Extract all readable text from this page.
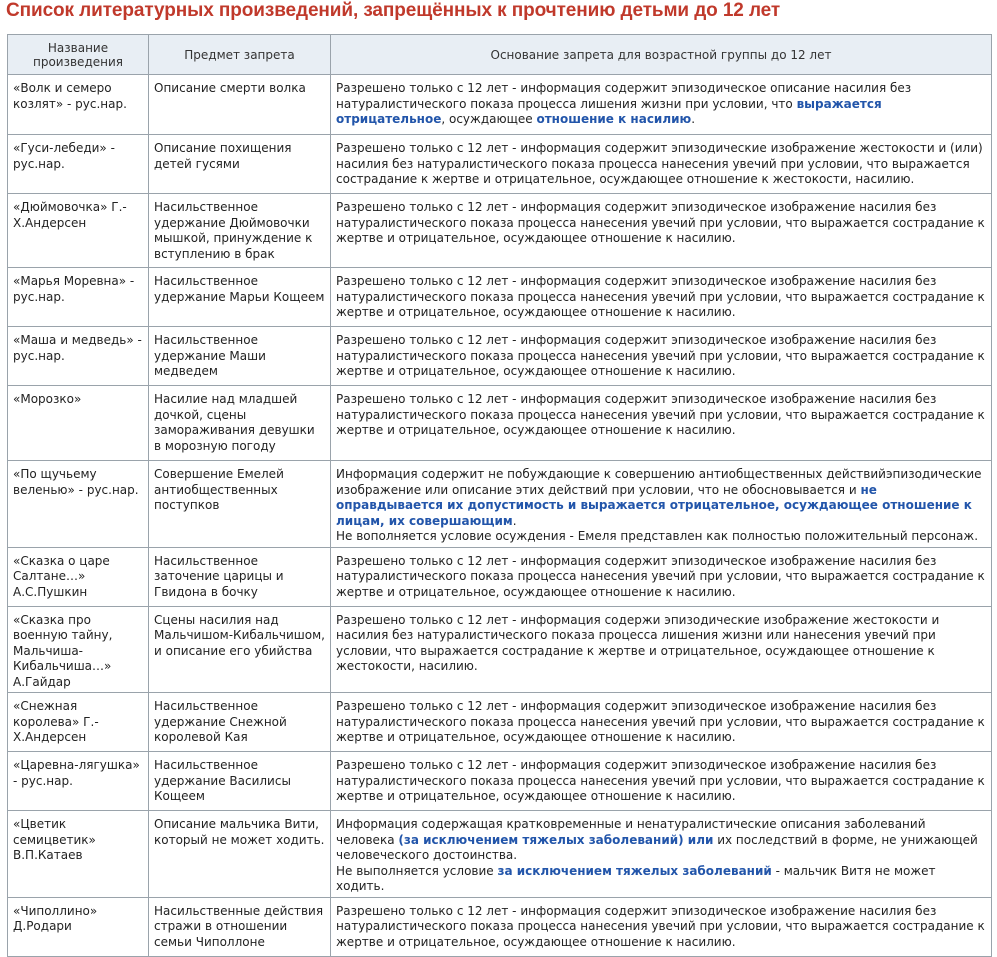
Список литературных произведений, запрещённых к прочтению детьми до 12 лет
Название произведения	Предмет запрета	Основание запрета для возрастной группы до 12 лет
«Волк и семеро козлят» - рус.нар.	Описание смерти волка	Разрешено только с 12 лет - информация содержит эпизодическое описание насилия без натуралистического показа процесса лишения жизни при условии, что выражается отрицательное, осуждающее отношение к насилию.
«Гуси-лебеди» - рус.нар.	Описание похищения детей гусями	Разрешено только с 12 лет - информация содержит эпизодические изображение жестокости и (или) насилия без натуралистического показа процесса нанесения увечий при условии, что выражается сострадание к жертве и отрицательное, осуждающее отношение к жестокости, насилию.
«Дюймовочка» Г.-Х.Андерсен	Насильственное удержание Дюймовочки мышкой, принуждение к вступлению в брак	Разрешено только с 12 лет - информация содержит эпизодическое изображение насилия без натуралистического показа процесса нанесения увечий при условии, что выражается сострадание к жертве и отрицательное, осуждающее отношение к насилию.
«Марья Моревна» - рус.нар.	Насильственное удержание Марьи Кощеем	Разрешено только с 12 лет - информация содержит эпизодическое изображение насилия без натуралистического показа процесса нанесения увечий при условии, что выражается сострадание к жертве и отрицательное, осуждающее отношение к насилию.
«Маша и медведь» - рус.нар.	Насильственное удержание Маши медведем	Разрешено только с 12 лет - информация содержит эпизодическое изображение насилия без натуралистического показа процесса нанесения увечий при условии, что выражается сострадание к жертве и отрицательное, осуждающее отношение к насилию.
«Морозко»	Насилие над младшей дочкой, сцены замораживания девушки в морозную погоду	Разрешено только с 12 лет - информация содержит эпизодическое изображение насилия без натуралистического показа процесса нанесения увечий при условии, что выражается сострадание к жертве и отрицательное, осуждающее отношение к насилию.
«По щучьему веленью» - рус.нар.	Совершение Емелей антиобщественных поступков	Информация содержит не побуждающие к совершению антиобщественных действийэпизодические изображение или описание этих действий при условии, что не обосновывается и не оправдывается их допустимость и выражается отрицательное, осуждающее отношение к лицам, их совершающим.
Не вополняется условие осуждения - Емеля представлен как полностью положительный персонаж.
«Сказка о царе Салтане…» А.С.Пушкин	Насильственное заточение царицы и Гвидона в бочку	Разрешено только с 12 лет - информация содержит эпизодическое изображение насилия без натуралистического показа процесса нанесения увечий при условии, что выражается сострадание к жертве и отрицательное, осуждающее отношение к насилию.
«Сказка про военную тайну, Мальчиша-Кибальчиша…» А.Гайдар	Сцены насилия над Мальчишом-Кибальчишом, и описание его убийства	Разрешено только с 12 лет - информация содержи эпизодические изображение жестокости и насилия без натуралистического показа процесса лишения жизни или нанесения увечий при условии, что выражается сострадание к жертве и отрицательное, осуждающее отношение к жестокости, насилию.
«Снежная королева» Г.-Х.Андерсен	Насильственное удержание Снежной королевой Кая	Разрешено только с 12 лет - информация содержит эпизодическое изображение насилия без натуралистического показа процесса нанесения увечий при условии, что выражается сострадание к жертве и отрицательное, осуждающее отношение к насилию.
«Царевна-лягушка» - рус.нар.	Насильственное удержание Василисы Кощеем	Разрешено только с 12 лет - информация содержит эпизодическое изображение насилия без натуралистического показа процесса нанесения увечий при условии, что выражается сострадание к жертве и отрицательное, осуждающее отношение к насилию.
«Цветик семицветик» В.П.Катаев	Описание мальчика Вити, который не может ходить.	Информация содержащая кратковременные и ненатуралистические описания заболеваний человека (за исключением тяжелых заболеваний) или их последствий в форме, не унижающей человеческого достоинства.
Не выполняется условие за исключением тяжелых заболеваний - мальчик Витя не может ходить.
«Чиполлино» Д.Родари	Насильственные действия стражи в отношении семьи Чиполлоне	Разрешено только с 12 лет - информация содержит эпизодическое изображение насилия без натуралистического показа процесса нанесения увечий при условии, что выражается сострадание к жертве и отрицательное, осуждающее отношение к насилию.
